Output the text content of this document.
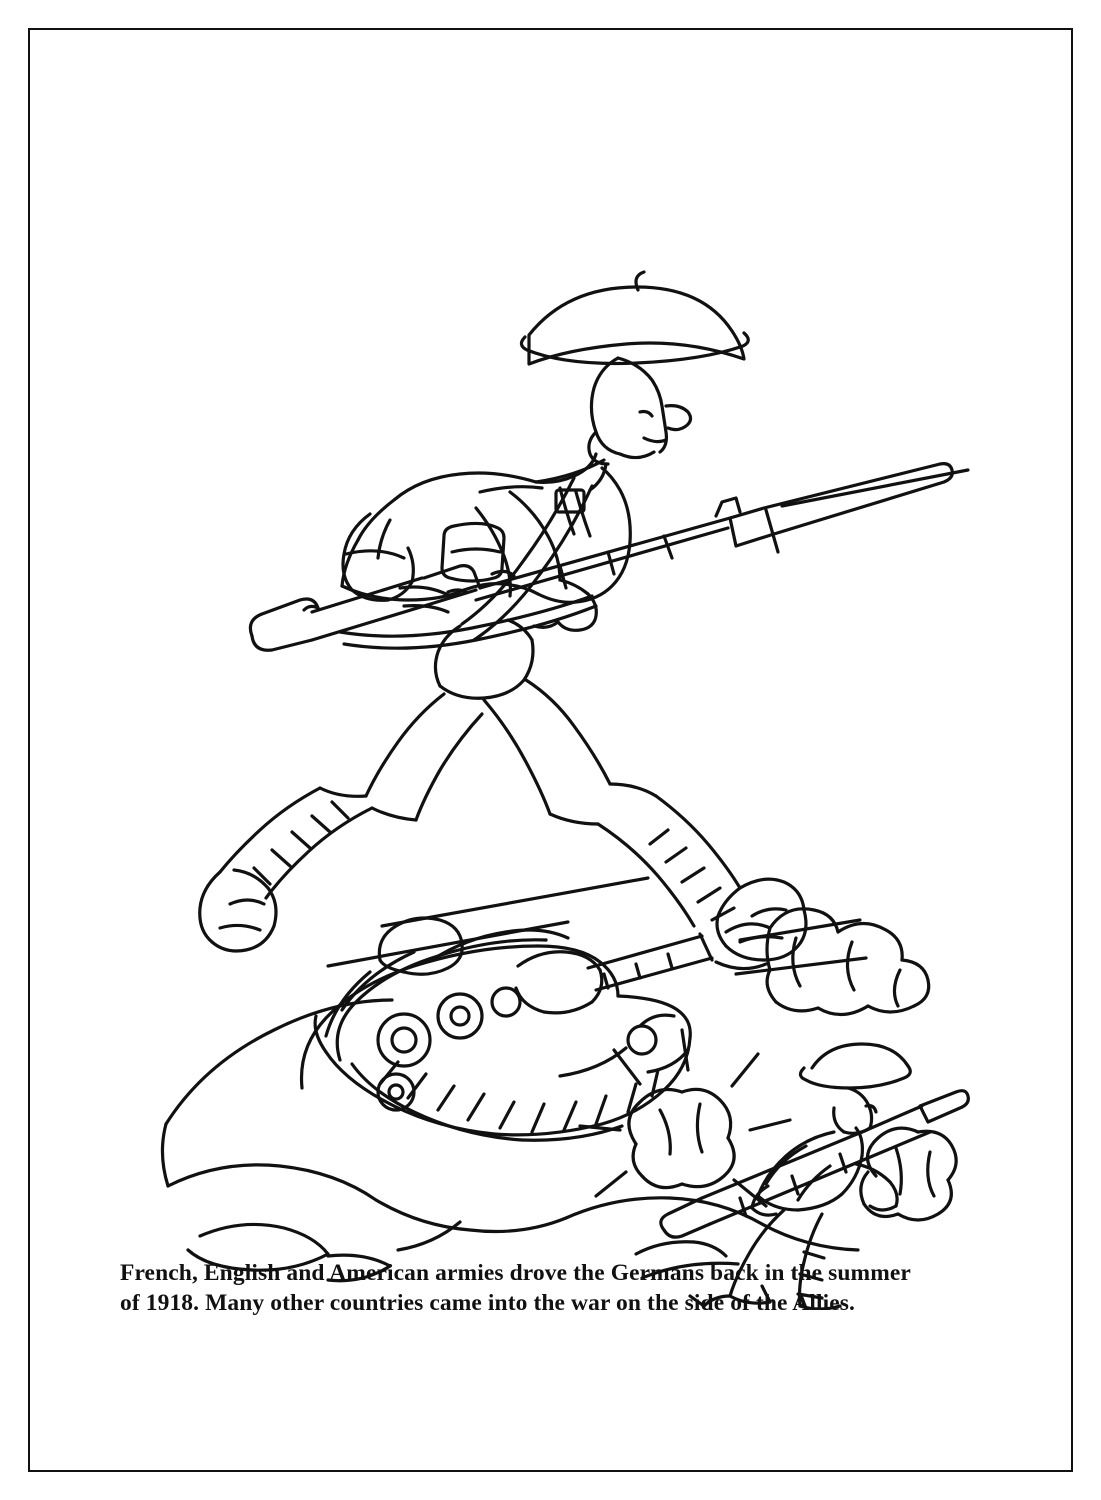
French, English and American armies drove the Germans back in the summer
of 1918. Many other countries came into the war on the side of the Allies.
